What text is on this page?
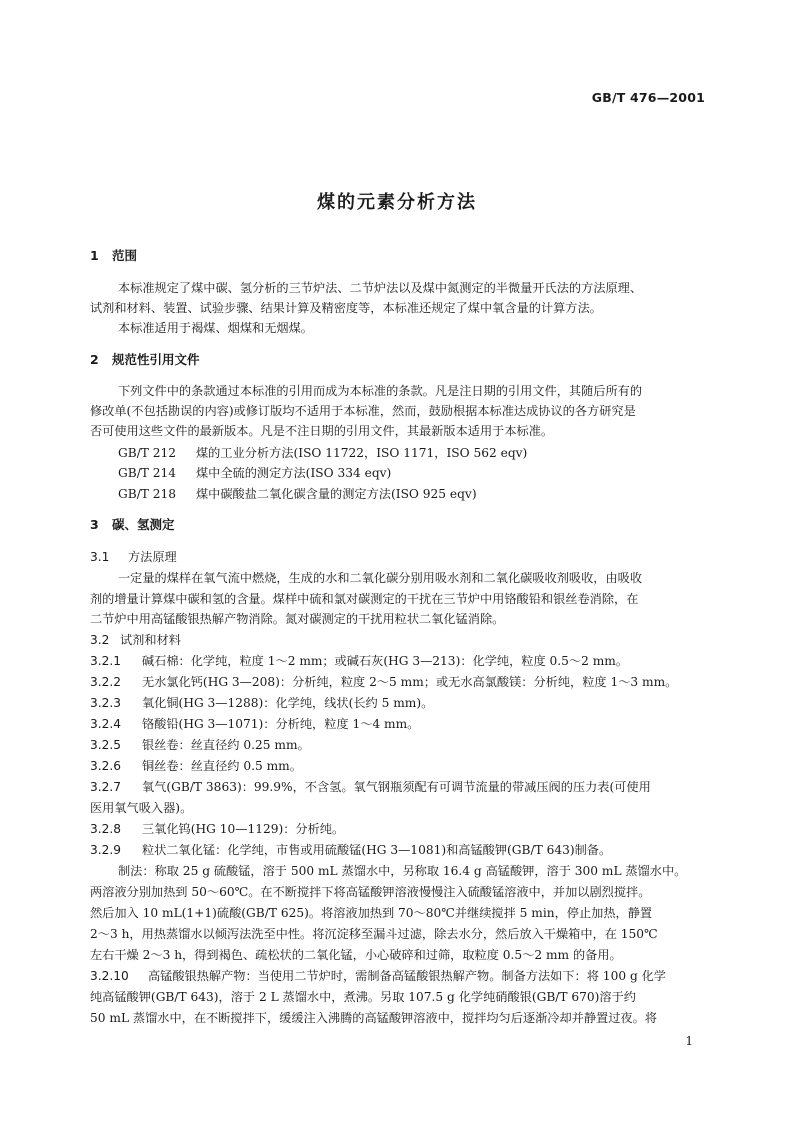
GB/T 476—2001
煤的元素分析方法
1 范围
本标准规定了煤中碳、氢分析的三节炉法、二节炉法以及煤中氮测定的半微量开氏法的方法原理、
试剂和材料、装置、试验步骤、结果计算及精密度等，本标准还规定了煤中氧含量的计算方法。
本标准适用于褐煤、烟煤和无烟煤。
2 规范性引用文件
下列文件中的条款通过本标准的引用而成为本标准的条款。凡是注日期的引用文件，其随后所有的
修改单(不包括勘误的内容)或修订版均不适用于本标准，然而，鼓励根据本标准达成协议的各方研究是
否可使用这些文件的最新版本。凡是不注日期的引用文件，其最新版本适用于本标准。
GB/T 212 煤的工业分析方法(ISO 11722，ISO 1171，ISO 562 eqv)
GB/T 214 煤中全硫的测定方法(ISO 334 eqv)
GB/T 218 煤中碳酸盐二氧化碳含量的测定方法(ISO 925 eqv)
3 碳、氢测定
3.1 方法原理
一定量的煤样在氧气流中燃烧，生成的水和二氧化碳分别用吸水剂和二氧化碳吸收剂吸收，由吸收
剂的增量计算煤中碳和氢的含量。煤样中硫和氯对碳测定的干扰在三节炉中用铬酸铅和银丝卷消除，在
二节炉中用高锰酸银热解产物消除。氮对碳测定的干扰用粒状二氧化锰消除。
3.2 试剂和材料
3.2.1 碱石棉：化学纯，粒度 1～2 mm；或碱石灰(HG 3—213)：化学纯，粒度 0.5～2 mm。
3.2.2 无水氯化钙(HG 3—208)：分析纯，粒度 2～5 mm；或无水高氯酸镁：分析纯，粒度 1～3 mm。
3.2.3 氧化铜(HG 3—1288)：化学纯，线状(长约 5 mm)。
3.2.4 铬酸铅(HG 3—1071)：分析纯，粒度 1～4 mm。
3.2.5 银丝卷：丝直径约 0.25 mm。
3.2.6 铜丝卷：丝直径约 0.5 mm。
3.2.7 氧气(GB/T 3863)：99.9%，不含氢。氧气钢瓶须配有可调节流量的带减压阀的压力表(可使用
医用氧气吸入器)。
3.2.8 三氧化钨(HG 10—1129)：分析纯。
3.2.9 粒状二氧化锰：化学纯，市售或用硫酸锰(HG 3—1081)和高锰酸钾(GB/T 643)制备。
制法：称取 25 g 硫酸锰，溶于 500 mL 蒸馏水中，另称取 16.4 g 高锰酸钾，溶于 300 mL 蒸馏水中。
两溶液分别加热到 50～60℃。在不断搅拌下将高锰酸钾溶液慢慢注入硫酸锰溶液中，并加以剧烈搅拌。
然后加入 10 mL(1+1)硫酸(GB/T 625)。将溶液加热到 70～80℃并继续搅拌 5 min，停止加热，静置
2～3 h，用热蒸馏水以倾泻法洗至中性。将沉淀移至漏斗过滤，除去水分，然后放入干燥箱中，在 150℃
左右干燥 2～3 h，得到褐色、疏松状的二氧化锰，小心破碎和过筛，取粒度 0.5～2 mm 的备用。
3.2.10 高锰酸银热解产物：当使用二节炉时，需制备高锰酸银热解产物。制备方法如下：将 100 g 化学
纯高锰酸钾(GB/T 643)，溶于 2 L 蒸馏水中，煮沸。另取 107.5 g 化学纯硝酸银(GB/T 670)溶于约
50 mL 蒸馏水中，在不断搅拌下，缓缓注入沸腾的高锰酸钾溶液中，搅拌均匀后逐渐冷却并静置过夜。将
1
